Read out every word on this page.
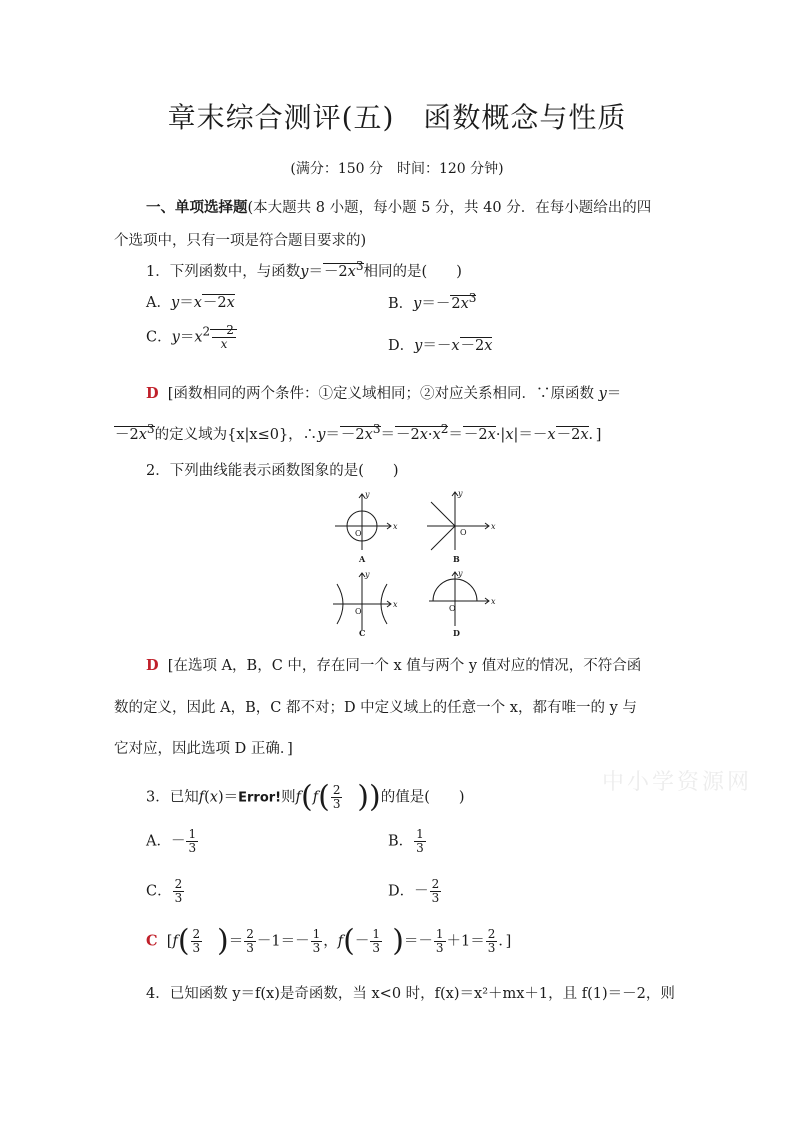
章末综合测评(五)　函数概念与性质
(满分：150 分　时间：120 分钟)
一、单项选择题(本大题共 8 小题，每小题 5 分，共 40 分．在每小题给出的四
个选项中，只有一项是符合题目要求的)
1．下列函数中，与函数$y=-2x^3$相同的是(　　)
A．y＝x－2x	B．$y=-2x^3$
C．$y=x^2 \frac{-2}{x}$	D．y＝－x－2x
D [函数相同的两个条件：①定义域相同；②对应关系相同．∵原函数 y＝
$-2x^3$的定义域为{x|x≤0}，$\therefore y=-2x^3=-2x\cdot x^2=-2x\cdot|x|=-x-2x$．]
2．下列曲线能表示函数图象的是(　　)
x
y
x
y
x
y
x
y
O	O
O	O
A	B
C	D
D [在选项 A，B，C 中，存在同一个 x 值与两个 y 值对应的情况，不符合函
数的定义，因此 A，B，C 都不对；D 中定义域上的任意一个 x，都有唯一的 y 与
它对应，因此选项 D 正确．]
3．已知f(x)＝Error!则$f(f( \frac{2}{3}$ ))的值是(　　)
A．－ $\frac{1}{3}$	B． $\frac{1}{3}$
C． $\frac{2}{3}$	D．－ $\frac{2}{3}$
C  [$f( \frac{2}{3}$ )＝ $\frac{2}{3} -1=- \frac{1}{3}$ ，$f(- \frac{1}{3}$ )＝－ $\frac{1}{3} +1= \frac{2}{3}$ ．]
4．已知函数 y＝f(x)是奇函数，当 x<0 时，f(x)＝x²＋mx＋1，且 f(1)＝－2，则
中小学资源网
